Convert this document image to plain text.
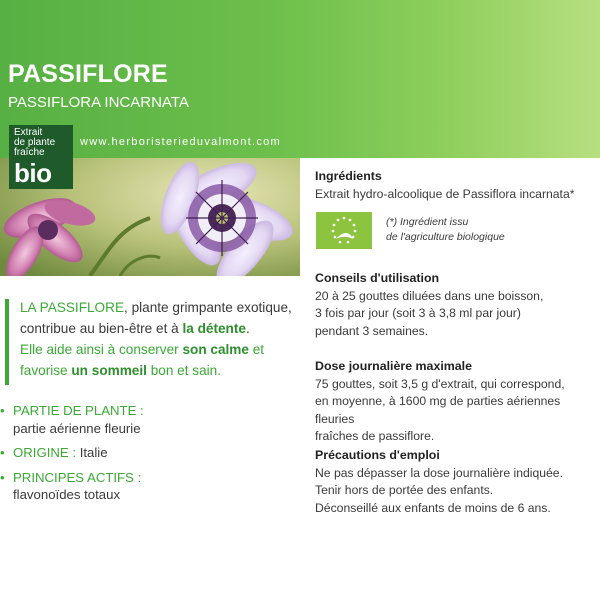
PASSIFLORE
PASSIFLORA INCARNATA
www.herboristerieduvalmont.com
Extrait
de plante
fraîche
bio
LA PASSIFLORE, plante grimpante exotique, contribue au bien-être et à la détente.
Elle aide ainsi à conserver son calme et favorise un sommeil bon et sain.
• PARTIE DE PLANTE :
partie aérienne fleurie
• ORIGINE : Italie
• PRINCIPES ACTIFS :
flavonoïdes totaux
Ingrédients

Extrait hydro-alcoolique de Passiflora incarnata*

(*) Ingrédient issu
de l'agriculture biologique
Conseils d'utilisation

20 à 25 gouttes diluées dans une boisson,

3 fois par jour (soit 3 à 3,8 ml par jour)

pendant 3 semaines.

Dose journalière maximale

75 gouttes, soit 3,5 g d'extrait, qui correspond,

en moyenne, à 1600 mg de parties aériennes fleuries

fraîches de passiflore.

Précautions d'emploi

Ne pas dépasser la dose journalière indiquée.

Tenir hors de portée des enfants.

Déconseillé aux enfants de moins de 6 ans.
